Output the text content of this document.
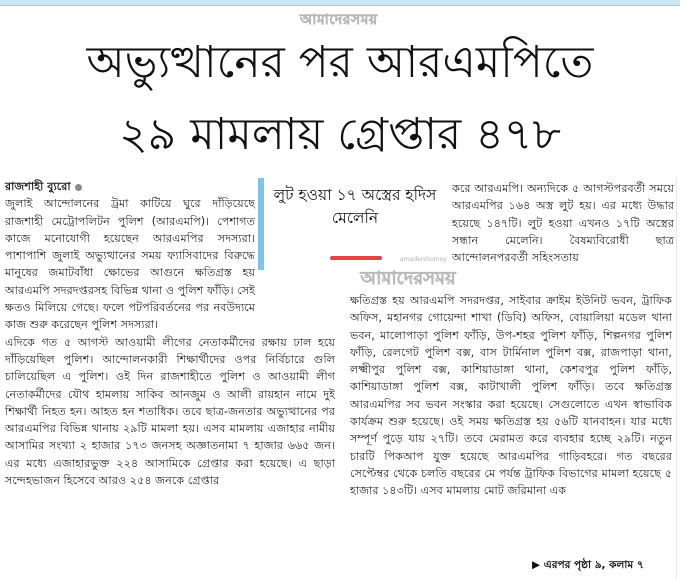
আমাদেরসময়
অভ্যুত্থানের পর আরএমপিতে
২৯ মামলায় গ্রেপ্তার ৪৭৮

রাজশাহী ব্যুরো

জুলাই আন্দোলনের ট্রমা কাটিয়ে ঘুরে দাঁড়িয়েছে রাজশাহী মেট্রোপলিটন পুলিশ (আরএমপি)। পেশাগত কাজে মনোযোগী হয়েছেন আরএমপির সদস্যরা। পাশাপাশি জুলাই অভ্যুত্থানের সময় ফ্যাসিবাদের বিরুদ্ধে মানুষের জমাটবাঁধা ক্ষোভের আগুনে ক্ষতিগ্রস্ত হয় আরএমপি সদরদপ্তরসহ বিভিন্ন থানা ও পুলিশ ফাঁড়ি। সেই ক্ষতও মিলিয়ে গেছে। ফলে পটপরিবর্তনের পর নবউদ্যমে কাজ শুরু করেছেন পুলিশ সদস্যরা।

এদিকে গত ৫ আগস্ট আওয়ামী লীগের নেতাকর্মীদের রক্ষায় ঢাল হয়ে দাঁড়িয়েছিল পুলিশ। আন্দোলনকারী শিক্ষার্থীদের ওপর নির্বিচারে গুলি চালিয়েছিল এ পুলিশ। ওই দিন রাজশাহীতে পুলিশ ও আওয়ামী লীগ নেতাকর্মীদের যৌথ হামলায় সাকিব আনজুম ও আলী রায়হান নামে দুই শিক্ষার্থী নিহত হন। আহত হন শতাধিক। তবে ছাত্র-জনতার অভ্যুত্থানের পর আরএমপির বিভিন্ন থানায় ২৯টি মামলা হয়। এসব মামলায় এজাহার নামীয় আসামির সংখ্যা ২ হাজার ১৭৩ জনসহ অজ্ঞাতনামা ৭ হাজার ৬৬৫ জন। এর মধ্যে এজাহারভুক্ত ২২৪ আসামিকে গ্রেপ্তার করা হয়েছে। এ ছাড়া সন্দেহভাজন হিসেবে আরও ২৫৪ জনকে গ্রেপ্তার

লুট হওয়া ১৭ অস্ত্রের হদিস মেলেনি
করে আরএমপি। অন্যদিকে ৫ আগস্টপরবর্তী সময়ে আরএমপির ১৬৪ অস্ত্র লুট হয়। এর মধ্যে উদ্ধার হয়েছে ১৪৭টি। লুট হওয়া এখনও ১৭টি অস্ত্রের সন্ধান মেলেনি। বৈষম্যবিরোধী ছাত্র আন্দোলনপরবর্তী সহিংসতায়
amadershomoy
আমাদেরসময়
ক্ষতিগ্রস্ত হয় আরএমপি সদরদপ্তর, সাইবার ক্রাইম ইউনিট ভবন, ট্রাফিক অফিস, মহানগর গোয়েন্দা শাখা (ডিবি) অফিস, বোয়ালিয়া মডেল থানা ভবন, মালোপাড়া পুলিশ ফাঁড়ি, উপ-শহর পুলিশ ফাঁড়ি, শিল্পনগর পুলিশ ফাঁড়ি, রেলগেট পুলিশ বক্স, বাস টার্মিনাল পুলিশ বক্স, রাজপাড়া থানা, লক্ষ্মীপুর পুলিশ বক্স, কাশিয়াডাঙ্গা থানা, কেশবপুর পুলিশ ফাঁড়ি, কাশিয়াডাঙ্গা পুলিশ বক্স, কাটাখালী পুলিশ ফাঁড়ি। তবে ক্ষতিগ্রস্ত আরএমপির সব ভবন সংস্কার করা হয়েছে। সেগুলোতে এখন স্বাভাবিক কার্যক্রম শুরু হয়েছে। ওই সময় ক্ষতিগ্রস্ত হয় ৫৬টি যানবাহন। যার মধ্যে সম্পূর্ণ পুড়ে যায় ২৭টি। তবে মেরামত করে ব্যবহার হচ্ছে ২৯টি। নতুন চারটি পিকআপ যুক্ত হয়েছে আরএমপির গাড়িবহরে। গত বছরের সেপ্টেম্বর থেকে চলতি বছরের মে পর্যন্ত ট্রাফিক বিভাগের মামলা হয়েছে ৫ হাজার ১৪৩টি। এসব মামলায় মোট জরিমানা এক
▶ এরপর পৃষ্ঠা ৯, কলাম ৭
